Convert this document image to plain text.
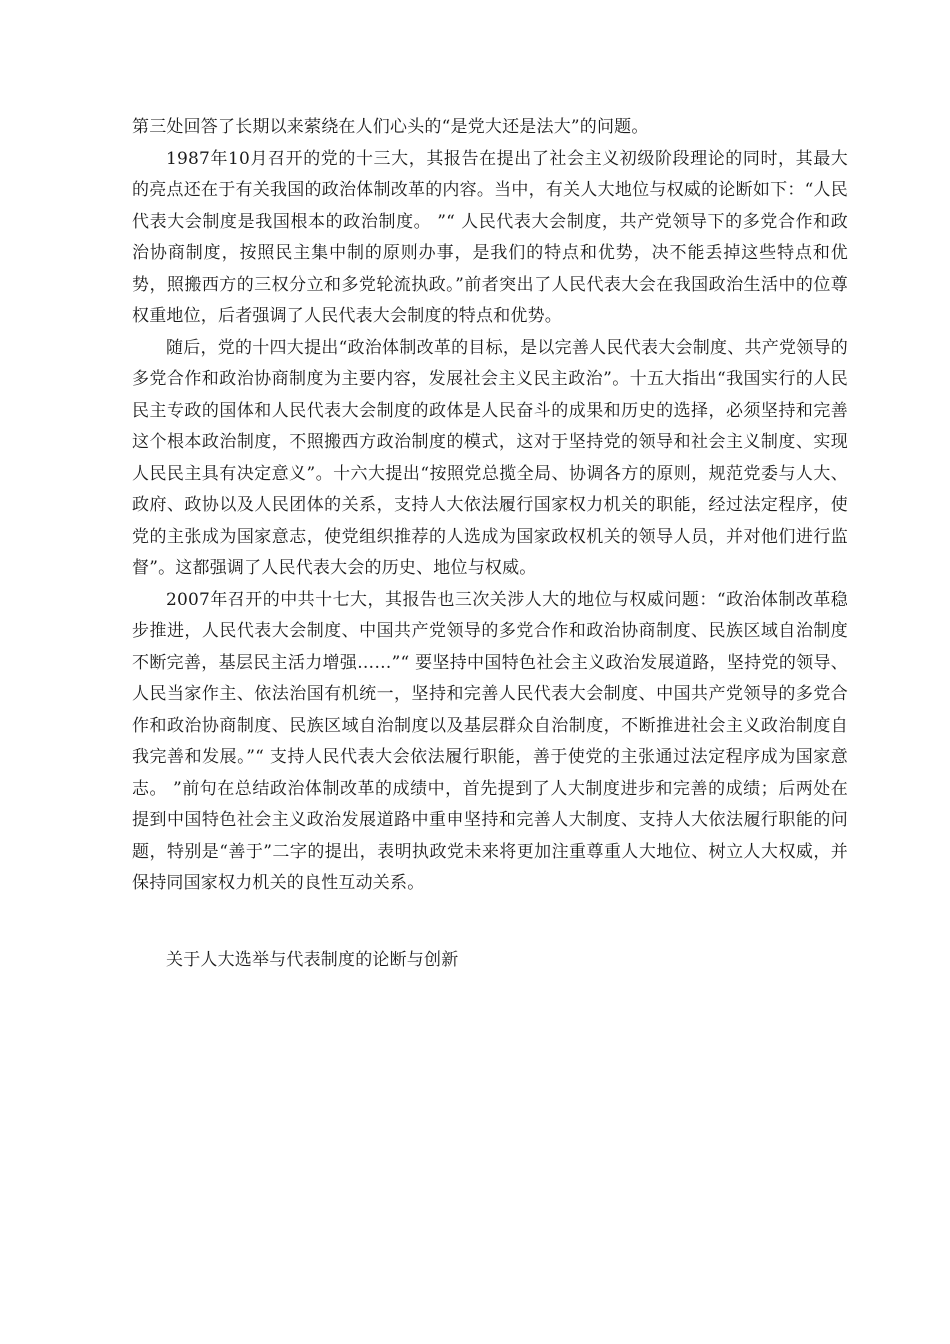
第三处回答了长期以来萦绕在人们心头的“是党大还是法大”的问题。

1987年10月召开的党的十三大，其报告在提出了社会主义初级阶段理论的同时，其最大的亮点还在于有关我国的政治体制改革的内容。当中，有关人大地位与权威的论断如下：“人民代表大会制度是我国根本的政治制度。 ”“ 人民代表大会制度，共产党领导下的多党合作和政治协商制度，按照民主集中制的原则办事，是我们的特点和优势，决不能丢掉这些特点和优势，照搬西方的三权分立和多党轮流执政。”前者突出了人民代表大会在我国政治生活中的位尊权重地位，后者强调了人民代表大会制度的特点和优势。

随后，党的十四大提出“政治体制改革的目标，是以完善人民代表大会制度、共产党领导的多党合作和政治协商制度为主要内容，发展社会主义民主政治”。十五大指出“我国实行的人民民主专政的国体和人民代表大会制度的政体是人民奋斗的成果和历史的选择，必须坚持和完善这个根本政治制度，不照搬西方政治制度的模式，这对于坚持党的领导和社会主义制度、实现人民民主具有决定意义”。十六大提出“按照党总揽全局、协调各方的原则，规范党委与人大、政府、政协以及人民团体的关系，支持人大依法履行国家权力机关的职能，经过法定程序，使党的主张成为国家意志，使党组织推荐的人选成为国家政权机关的领导人员，并对他们进行监督”。这都强调了人民代表大会的历史、地位与权威。

2007年召开的中共十七大，其报告也三次关涉人大的地位与权威问题：“政治体制改革稳步推进，人民代表大会制度、中国共产党领导的多党合作和政治协商制度、民族区域自治制度不断完善，基层民主活力增强……”“ 要坚持中国特色社会主义政治发展道路，坚持党的领导、人民当家作主、依法治国有机统一，坚持和完善人民代表大会制度、中国共产党领导的多党合作和政治协商制度、民族区域自治制度以及基层群众自治制度，不断推进社会主义政治制度自我完善和发展。”“ 支持人民代表大会依法履行职能，善于使党的主张通过法定程序成为国家意志。 ”前句在总结政治体制改革的成绩中，首先提到了人大制度进步和完善的成绩；后两处在提到中国特色社会主义政治发展道路中重申坚持和完善人大制度、支持人大依法履行职能的问题，特别是“善于”二字的提出，表明执政党未来将更加注重尊重人大地位、树立人大权威，并保持同国家权力机关的良性互动关系。

关于人大选举与代表制度的论断与创新
